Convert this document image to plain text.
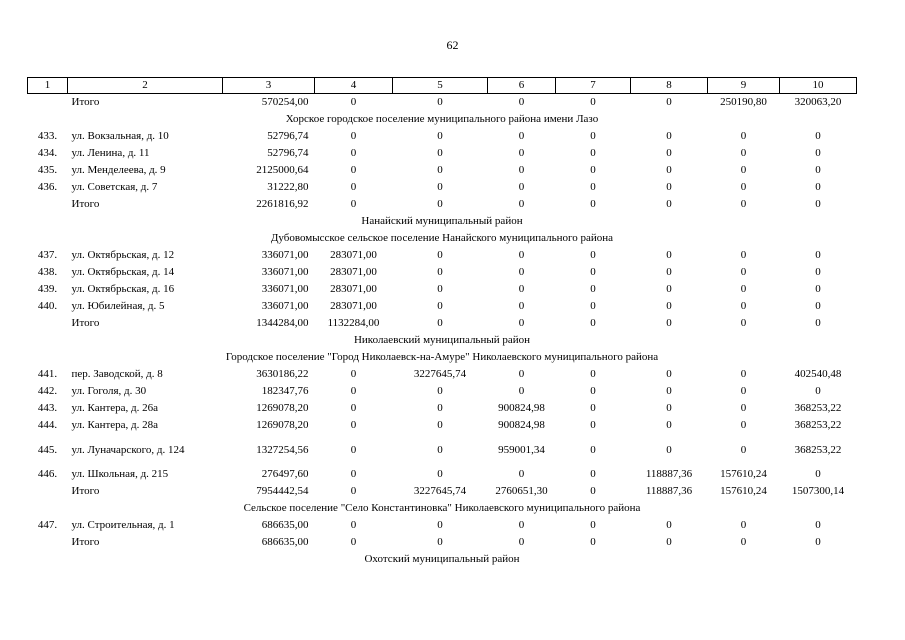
62
1	2	3	4	5	6	7	8	9	10
	Итого	570254,00	0	0	0	0	0	250190,80	320063,20
Хорское городское поселение муниципального района имени Лазо									
433.	ул. Вокзальная, д. 10	52796,74	0	0	0	0	0	0	0
434.	ул. Ленина, д. 11	52796,74	0	0	0	0	0	0	0
435.	ул. Менделеева, д. 9	2125000,64	0	0	0	0	0	0	0
436.	ул. Советская, д. 7	31222,80	0	0	0	0	0	0	0
	Итого	2261816,92	0	0	0	0	0	0	0
Нанайский муниципальный район									
Дубовомысское сельское поселение Нанайского муниципального района									
437.	ул. Октябрьская, д. 12	336071,00	283071,00	0	0	0	0	0	0
438.	ул. Октябрьская, д. 14	336071,00	283071,00	0	0	0	0	0	0
439.	ул. Октябрьская, д. 16	336071,00	283071,00	0	0	0	0	0	0
440.	ул. Юбилейная, д. 5	336071,00	283071,00	0	0	0	0	0	0
	Итого	1344284,00	1132284,00	0	0	0	0	0	0
Николаевский муниципальный район									
Городское поселение "Город Николаевск-на-Амуре" Николаевского муниципального района									
441.	пер. Заводской, д. 8	3630186,22	0	3227645,74	0	0	0	0	402540,48
442.	ул. Гоголя, д. 30	182347,76	0	0	0	0	0	0	0
443.	ул. Кантера, д. 26а	1269078,20	0	0	900824,98	0	0	0	368253,22
444.	ул. Кантера, д. 28а	1269078,20	0	0	900824,98	0	0	0	368253,22
445.	ул. Луначарского, д. 124	1327254,56	0	0	959001,34	0	0	0	368253,22
446.	ул. Школьная, д. 215	276497,60	0	0	0	0	118887,36	157610,24	0
	Итого	7954442,54	0	3227645,74	2760651,30	0	118887,36	157610,24	1507300,14
Сельское поселение "Село Константиновка" Николаевского муниципального района									
447.	ул. Строительная, д. 1	686635,00	0	0	0	0	0	0	0
	Итого	686635,00	0	0	0	0	0	0	0
Охотский муниципальный район									
